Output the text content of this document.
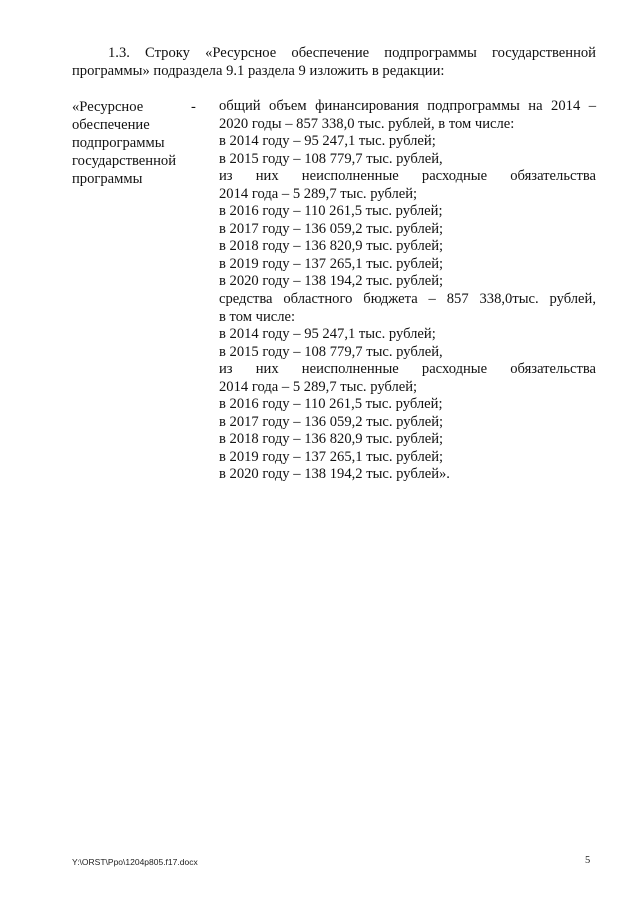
1.3. Строку «Ресурсное обеспечение подпрограммы государственной
программы» подраздела 9.1 раздела 9 изложить в редакции:
«Ресурсное
обеспечение
подпрограммы
государственной
программы
- общий объем финансирования подпрограммы на 2014 –
2020 годы – 857 338,0 тыс. рублей, в том числе:
в 2014 году – 95 247,1 тыс. рублей;
в 2015 году – 108 779,7 тыс. рублей,
из них неисполненные расходные обязательства
2014 года – 5 289,7 тыс. рублей;
в 2016 году – 110 261,5 тыс. рублей;
в 2017 году – 136 059,2 тыс. рублей;
в 2018 году – 136 820,9 тыс. рублей;
в 2019 году – 137 265,1 тыс. рублей;
в 2020 году – 138 194,2 тыс. рублей;
средства областного бюджета – 857 338,0тыс. рублей,
в том числе:
в 2014 году – 95 247,1 тыс. рублей;
в 2015 году – 108 779,7 тыс. рублей,
из них неисполненные расходные обязательства
2014 года – 5 289,7 тыс. рублей;
в 2016 году – 110 261,5 тыс. рублей;
в 2017 году – 136 059,2 тыс. рублей;
в 2018 году – 136 820,9 тыс. рублей;
в 2019 году – 137 265,1 тыс. рублей;
в 2020 году – 138 194,2 тыс. рублей».
Y:\ORST\Ppo\1204p805.f17.docx	5
